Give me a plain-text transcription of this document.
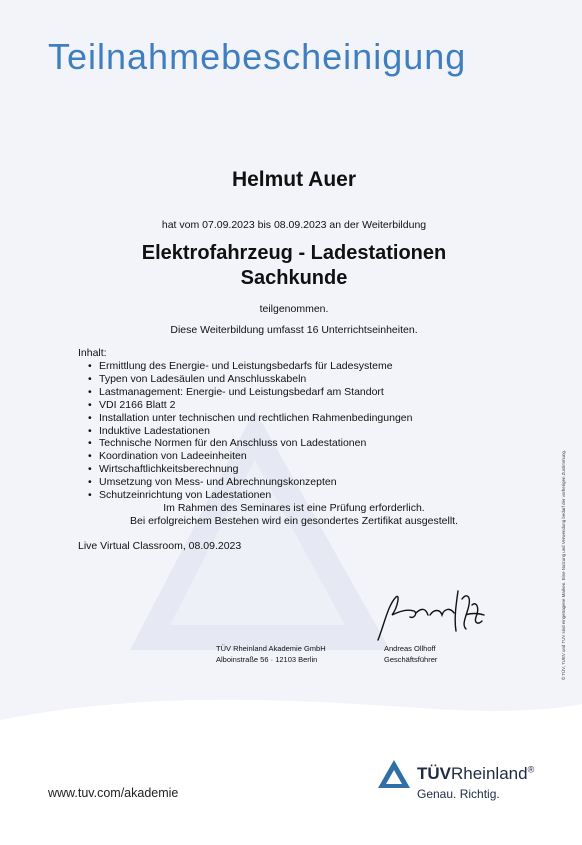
Teilnahmebescheinigung
Helmut Auer
hat vom 07.09.2023 bis 08.09.2023 an der Weiterbildung
Elektrofahrzeug - Ladestationen
Sachkunde
teilgenommen.
Diese Weiterbildung umfasst 16 Unterrichtseinheiten.
Inhalt:
• Ermittlung des Energie- und Leistungsbedarfs für Ladesysteme
• Typen von Ladesäulen und Anschlusskabeln
• Lastmanagement: Energie- und Leistungsbedarf am Standort
• VDI 2166 Blatt 2
• Installation unter technischen und rechtlichen Rahmenbedingungen
• Induktive Ladestationen
• Technische Normen für den Anschluss von Ladestationen
• Koordination von Ladeeinheiten
• Wirtschaftlichkeitsberechnung
• Umsetzung von Mess- und Abrechnungskonzepten
• Schutzeinrichtung von Ladestationen
Im Rahmen des Seminares ist eine Prüfung erforderlich.
Bei erfolgreichem Bestehen wird ein gesondertes Zertifikat ausgestellt.
Live Virtual Classroom, 08.09.2023
TÜV Rheinland Akademie GmbH
Alboinstraße 56 · 12103 Berlin
Andreas Ollhoff
Geschäftsführer	© TÜV, TUEV und TUV sind eingetragene Marken. Eine Nutzung und Verwendung bedarf der vorherigen Zustimmung.
www.tuv.com/akademie
TÜVRheinland®
Genau. Richtig.
